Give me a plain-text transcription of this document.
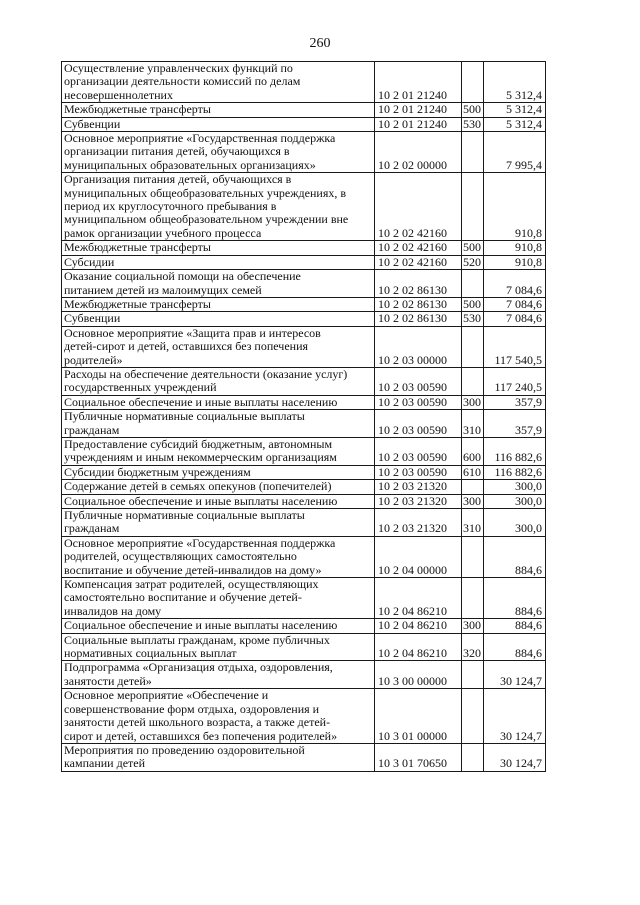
260
Осуществление управленческих функций по
организации деятельности комиссий по делам
несовершеннолетних	10 2 01 21240		5 312,4

Межбюджетные трансферты	10 2 01 21240	500	5 312,4

Субвенции	10 2 01 21240	530	5 312,4

Основное мероприятие «Государственная поддержка
организации питания детей, обучающихся в
муниципальных образовательных организациях»	10 2 02 00000		7 995,4

Организация питания детей, обучающихся в
муниципальных общеобразовательных учреждениях, в
период их круглосуточного пребывания в
муниципальном общеобразовательном учреждении вне
рамок организации учебного процесса	10 2 02 42160		910,8

Межбюджетные трансферты	10 2 02 42160	500	910,8

Субсидии	10 2 02 42160	520	910,8

Оказание социальной помощи на обеспечение
питанием детей из малоимущих семей	10 2 02 86130		7 084,6

Межбюджетные трансферты	10 2 02 86130	500	7 084,6

Субвенции	10 2 02 86130	530	7 084,6

Основное мероприятие «Защита прав и интересов
детей-сирот и детей, оставшихся без попечения
родителей»	10 2 03 00000		117 540,5

Расходы на обеспечение деятельности (оказание услуг)
государственных учреждений	10 2 03 00590		117 240,5

Социальное обеспечение и иные выплаты населению	10 2 03 00590	300	357,9

Публичные нормативные социальные выплаты
гражданам	10 2 03 00590	310	357,9

Предоставление субсидий бюджетным, автономным
учреждениям и иным некоммерческим организациям	10 2 03 00590	600	116 882,6

Субсидии бюджетным учреждениям	10 2 03 00590	610	116 882,6

Содержание детей в семьях опекунов (попечителей)	10 2 03 21320		300,0

Социальное обеспечение и иные выплаты населению	10 2 03 21320	300	300,0

Публичные нормативные социальные выплаты
гражданам	10 2 03 21320	310	300,0

Основное мероприятие «Государственная поддержка
родителей, осуществляющих самостоятельно
воспитание и обучение детей-инвалидов на дому»	10 2 04 00000		884,6

Компенсация затрат родителей, осуществляющих
самостоятельно воспитание и обучение детей-
инвалидов на дому	10 2 04 86210		884,6

Социальное обеспечение и иные выплаты населению	10 2 04 86210	300	884,6

Социальные выплаты гражданам, кроме публичных
нормативных социальных выплат	10 2 04 86210	320	884,6

Подпрограмма «Организация отдыха, оздоровления,
занятости детей»	10 3 00 00000		30 124,7

Основное мероприятие «Обеспечение и
совершенствование форм отдыха, оздоровления и
занятости детей школьного возраста, а также детей-
сирот и детей, оставшихся без попечения родителей»	10 3 01 00000		30 124,7

Мероприятия по проведению оздоровительной
кампании детей	10 3 01 70650		30 124,7
